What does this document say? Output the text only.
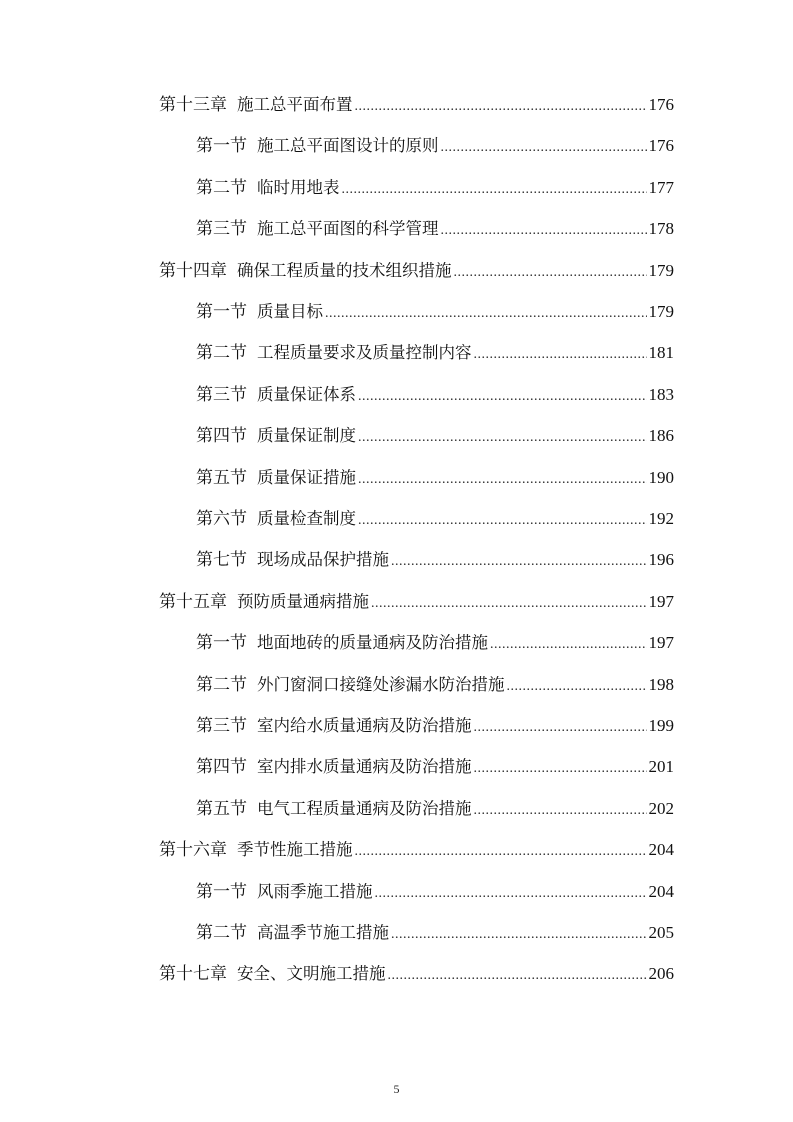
第十三章 施工总平面布置 .....	176
第一节 施工总平面图设计的原则 .....	176
第二节 临时用地表 .....	177
第三节 施工总平面图的科学管理 .....	178
第十四章 确保工程质量的技术组织措施 .....	179
第一节 质量目标 .....	179
第二节 工程质量要求及质量控制内容 .....	181
第三节 质量保证体系 .....	183
第四节 质量保证制度 .....	186
第五节 质量保证措施 .....	190
第六节 质量检查制度 .....	192
第七节 现场成品保护措施 .....	196
第十五章 预防质量通病措施 .....	197
第一节 地面地砖的质量通病及防治措施 .....	197
第二节 外门窗洞口接缝处渗漏水防治措施 .....	198
第三节 室内给水质量通病及防治措施 .....	199
第四节 室内排水质量通病及防治措施 .....	201
第五节 电气工程质量通病及防治措施 .....	202
第十六章 季节性施工措施 .....	204
第一节 风雨季施工措施 .....	204
第二节 高温季节施工措施 .....	205
第十七章 安全、文明施工措施 .....	206
5
